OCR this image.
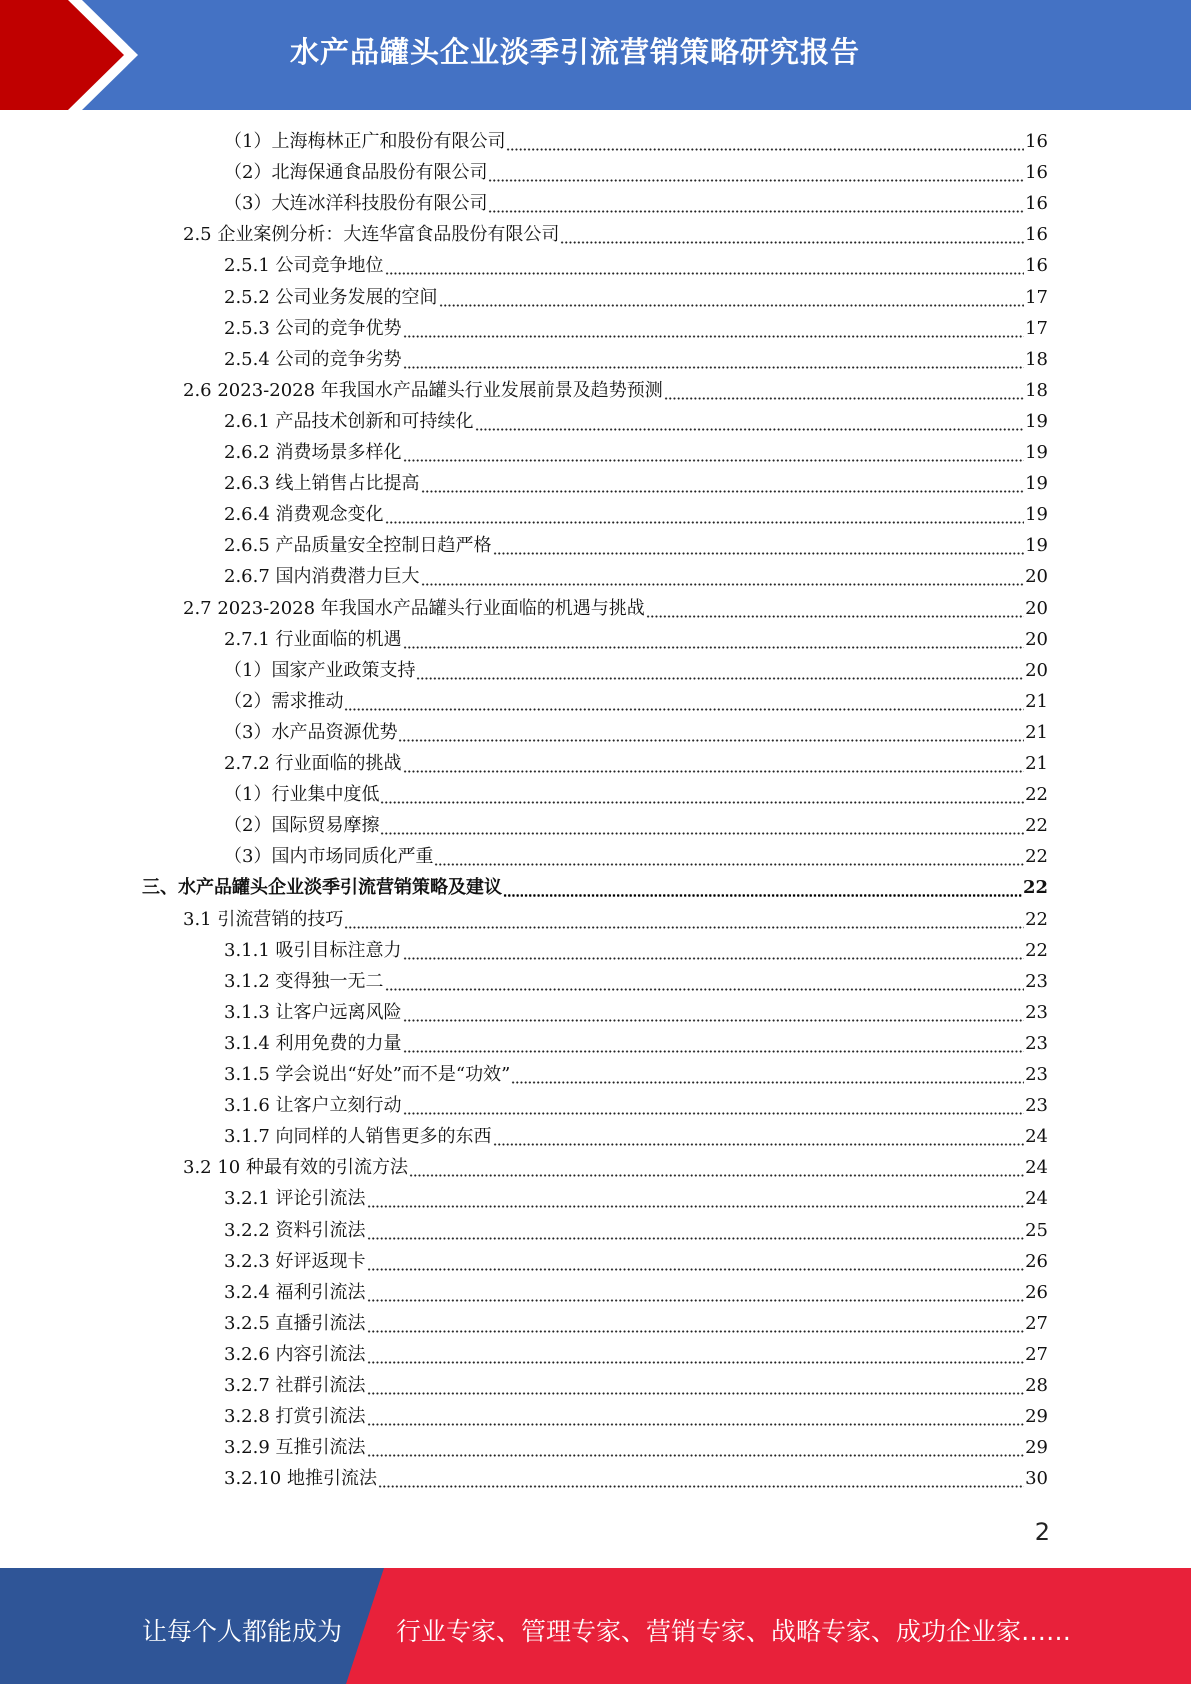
水产品罐头企业淡季引流营销策略研究报告
（1）上海梅林正广和股份有限公司	16
（2）北海保通食品股份有限公司	16
（3）大连冰洋科技股份有限公司	16
2.5 企业案例分析：大连华富食品股份有限公司	16
2.5.1 公司竞争地位	16
2.5.2 公司业务发展的空间	17
2.5.3 公司的竞争优势	17
2.5.4 公司的竞争劣势	18
2.6 2023-2028 年我国水产品罐头行业发展前景及趋势预测	18
2.6.1 产品技术创新和可持续化	19
2.6.2 消费场景多样化	19
2.6.3 线上销售占比提高	19
2.6.4 消费观念变化	19
2.6.5 产品质量安全控制日趋严格	19
2.6.7 国内消费潜力巨大	20
2.7 2023-2028 年我国水产品罐头行业面临的机遇与挑战	20
2.7.1 行业面临的机遇	20
（1）国家产业政策支持	20
（2）需求推动	21
（3）水产品资源优势	21
2.7.2 行业面临的挑战	21
（1）行业集中度低	22
（2）国际贸易摩擦	22
（3）国内市场同质化严重	22
三、水产品罐头企业淡季引流营销策略及建议	22
3.1 引流营销的技巧	22
3.1.1 吸引目标注意力	22
3.1.2 变得独一无二	23
3.1.3 让客户远离风险	23
3.1.4 利用免费的力量	23
3.1.5 学会说出“好处”而不是“功效”	23
3.1.6 让客户立刻行动	23
3.1.7 向同样的人销售更多的东西	24
3.2 10 种最有效的引流方法	24
3.2.1 评论引流法	24
3.2.2 资料引流法	25
3.2.3 好评返现卡	26
3.2.4 福利引流法	26
3.2.5 直播引流法	27
3.2.6 内容引流法	27
3.2.7 社群引流法	28
3.2.8 打赏引流法	29
3.2.9 互推引流法	29
3.2.10 地推引流法	30
2
让每个人都能成为 行业专家、管理专家、营销专家、战略专家、成功企业家……
